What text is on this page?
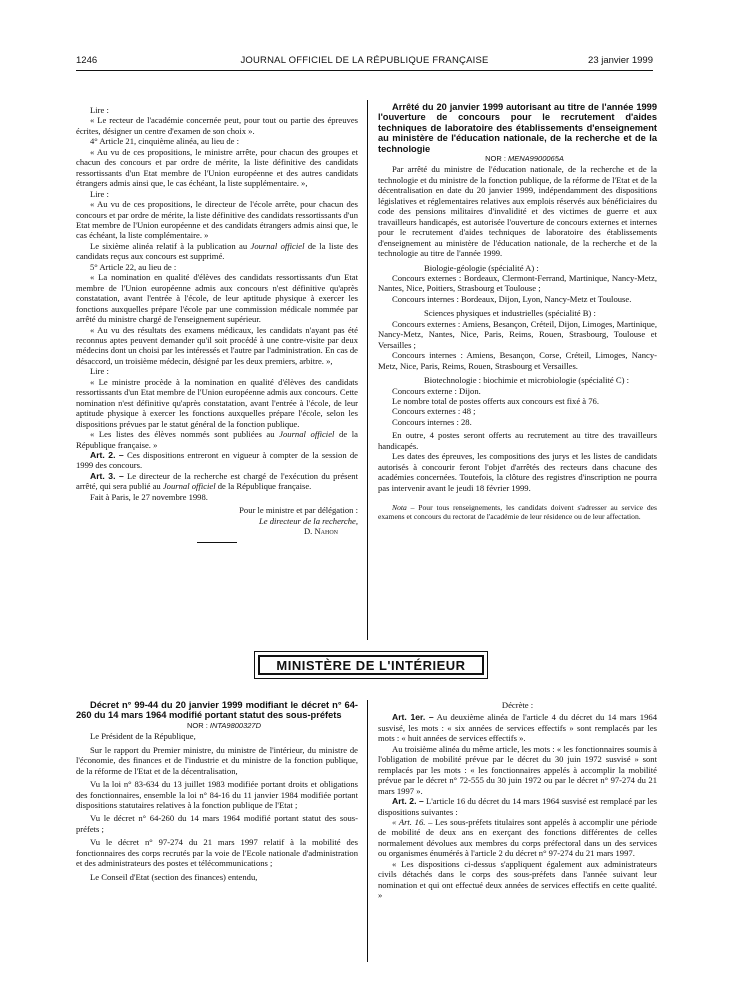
1246	JOURNAL OFFICIEL DE LA RÉPUBLIQUE FRANÇAISE	23 janvier 1999

Lire :

« Le recteur de l'académie concernée peut, pour tout ou partie des épreuves écrites, désigner un centre d'examen de son choix ».

4° Article 21, cinquième alinéa, au lieu de :

« Au vu de ces propositions, le ministre arrête, pour chacun des groupes et chacun des concours et par ordre de mérite, la liste définitive des candidats ressortissants d'un Etat membre de l'Union européenne et des autres candidats étrangers admis ainsi que, le cas échéant, la liste supplémentaire. »,

Lire :

« Au vu de ces propositions, le directeur de l'école arrête, pour chacun des concours et par ordre de mérite, la liste définitive des candidats ressortissants d'un Etat membre de l'Union européenne et des candidats étrangers admis ainsi que, le cas échéant, la liste complémentaire. »

Le sixième alinéa relatif à la publication au Journal officiel de la liste des candidats reçus aux concours est supprimé.

5° Article 22, au lieu de :

« La nomination en qualité d'élèves des candidats ressortissants d'un Etat membre de l'Union européenne admis aux concours n'est définitive qu'après constatation, avant l'entrée à l'école, de leur aptitude physique à exercer les fonctions auxquelles prépare l'école par une commission médicale nommée par arrêté du ministre chargé de l'enseignement supérieur.

« Au vu des résultats des examens médicaux, les candidats n'ayant pas été reconnus aptes peuvent demander qu'il soit procédé à une contre-visite par deux médecins dont un choisi par les intéressés et l'autre par l'administration. En cas de désaccord, un troisième médecin, désigné par les deux premiers, arbitre. »,

Lire :

« Le ministre procède à la nomination en qualité d'élèves des candidats ressortissants d'un Etat membre de l'Union européenne admis aux concours. Cette nomination n'est définitive qu'après constatation, avant l'entrée à l'école, de leur aptitude physique à exercer les fonctions auxquelles prépare l'école, selon les dispositions prévues par le statut général de la fonction publique.

« Les listes des élèves nommés sont publiées au Journal officiel de la République française. »

Art. 2. – Ces dispositions entreront en vigueur à compter de la session de 1999 des concours.

Art. 3. – Le directeur de la recherche est chargé de l'exécution du présent arrêté, qui sera publié au Journal officiel de la République française.

Fait à Paris, le 27 novembre 1998.

Pour le ministre et par délégation :

Le directeur de la recherche,

D. Nahon

Arrêté du 20 janvier 1999 autorisant au titre de l'année 1999 l'ouverture de concours pour le recrutement d'aides techniques de laboratoire des établissements d'enseignement au ministère de l'éducation nationale, de la recherche et de la technologie

NOR : MENA9900065A

Par arrêté du ministre de l'éducation nationale, de la recherche et de la technologie et du ministre de la fonction publique, de la réforme de l'Etat et de la décentralisation en date du 20 janvier 1999, indépendamment des dispositions législatives et réglementaires relatives aux emplois réservés aux bénéficiaires du code des pensions militaires d'invalidité et des victimes de guerre et aux travailleurs handicapés, est autorisée l'ouverture de concours externes et internes pour le recrutement d'aides techniques de laboratoire des établissements d'enseignement au ministère de l'éducation nationale, de la recherche et de la technologie au titre de l'année 1999.

Biologie-géologie (spécialité A) :

Concours externes : Bordeaux, Clermont-Ferrand, Martinique, Nancy-Metz, Nantes, Nice, Poitiers, Strasbourg et Toulouse ;

Concours internes : Bordeaux, Dijon, Lyon, Nancy-Metz et Toulouse.

Sciences physiques et industrielles (spécialité B) :

Concours externes : Amiens, Besançon, Créteil, Dijon, Limoges, Martinique, Nancy-Metz, Nantes, Nice, Paris, Reims, Rouen, Strasbourg, Toulouse et Versailles ;

Concours internes : Amiens, Besançon, Corse, Créteil, Limoges, Nancy-Metz, Nice, Paris, Reims, Rouen, Strasbourg et Versailles.

Biotechnologie : biochimie et microbiologie (spécialité C) :

Concours externe : Dijon.

Le nombre total de postes offerts aux concours est fixé à 76.

Concours externes : 48 ;

Concours internes : 28.

En outre, 4 postes seront offerts au recrutement au titre des travailleurs handicapés.

Les dates des épreuves, les compositions des jurys et les listes de candidats autorisés à concourir feront l'objet d'arrêtés des recteurs dans chacune des académies concernées. Toutefois, la clôture des registres d'inscription ne pourra pas intervenir avant le jeudi 18 février 1999.

Nota – Pour tous renseignements, les candidats doivent s'adresser au service des examens et concours du rectorat de l'académie de leur résidence ou de leur affectation.

MINISTÈRE DE L'INTÉRIEUR

Décret n° 99-44 du 20 janvier 1999 modifiant le décret n° 64-260 du 14 mars 1964 modifié portant statut des sous-préfets

NOR : INTA9800327D

Le Président de la République,

Sur le rapport du Premier ministre, du ministre de l'intérieur, du ministre de l'économie, des finances et de l'industrie et du ministre de la fonction publique, de la réforme de l'Etat et de la décentralisation,

Vu la loi n° 83-634 du 13 juillet 1983 modifiée portant droits et obligations des fonctionnaires, ensemble la loi n° 84-16 du 11 janvier 1984 modifiée portant dispositions statutaires relatives à la fonction publique de l'Etat ;

Vu le décret n° 64-260 du 14 mars 1964 modifié portant statut des sous-préfets ;

Vu le décret n° 97-274 du 21 mars 1997 relatif à la mobilité des fonctionnaires des corps recrutés par la voie de l'Ecole nationale d'administration et des administrateurs des postes et télécommunications ;

Le Conseil d'Etat (section des finances) entendu,

Décrète :

Art. 1er. – Au deuxième alinéa de l'article 4 du décret du 14 mars 1964 susvisé, les mots : « six années de services effectifs » sont remplacés par les mots : « huit années de services effectifs ».

Au troisième alinéa du même article, les mots : « les fonctionnaires soumis à l'obligation de mobilité prévue par le décret du 30 juin 1972 susvisé » sont remplacés par les mots : « les fonctionnaires appelés à accomplir la mobilité prévue par le décret n° 72-555 du 30 juin 1972 ou par le décret n° 97-274 du 21 mars 1997 ».

Art. 2. – L'article 16 du décret du 14 mars 1964 susvisé est remplacé par les dispositions suivantes :

« Art. 16. – Les sous-préfets titulaires sont appelés à accomplir une période de mobilité de deux ans en exerçant des fonctions différentes de celles normalement dévolues aux membres du corps préfectoral dans un des services ou organismes énumérés à l'article 2 du décret n° 97-274 du 21 mars 1997.

« Les dispositions ci-dessus s'appliquent également aux administrateurs civils détachés dans le corps des sous-préfets dans l'année suivant leur nomination et qui ont effectué deux années de services effectifs en cette qualité. »
